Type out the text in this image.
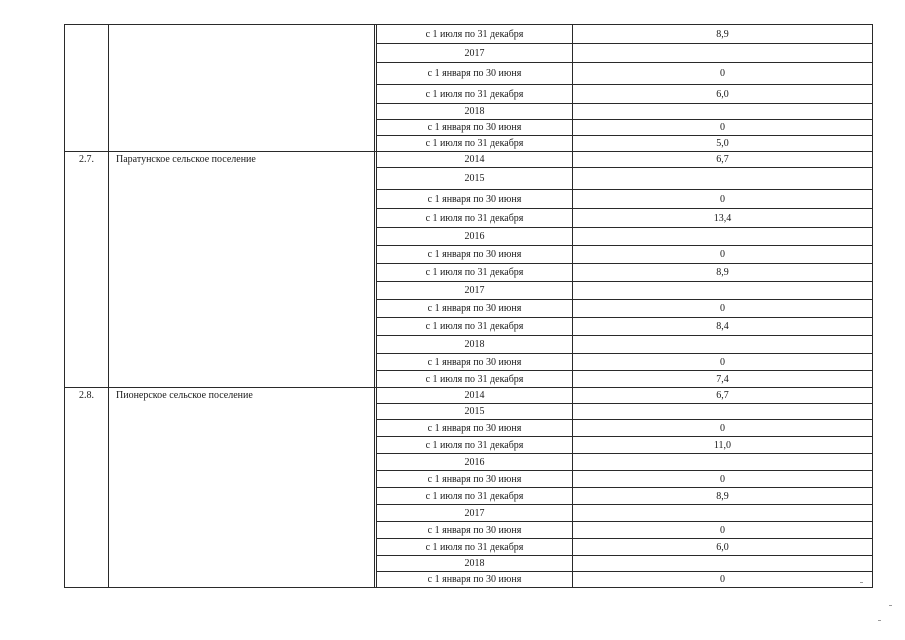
			с 1 июля по 31 декабря	8,9
			2017	
			с 1 января по 30 июня	0
			с 1 июля по 31 декабря	6,0
			2018	
			с 1 января по 30 июня	0
			с 1 июля по 31 декабря	5,0
2.7.	Паратунское сельское поселение		2014	6,7
			2015	
			с 1 января по 30 июня	0
			с 1 июля по 31 декабря	13,4
			2016	
			с 1 января по 30 июня	0
			с 1 июля по 31 декабря	8,9
			2017	
			с 1 января по 30 июня	0
			с 1 июля по 31 декабря	8,4
			2018	
			с 1 января по 30 июня	0
			с 1 июля по 31 декабря	7,4
2.8.	Пионерское сельское поселение		2014	6,7
			2015	
			с 1 января по 30 июня	0
			с 1 июля по 31 декабря	11,0
			2016	
			с 1 января по 30 июня	0
			с 1 июля по 31 декабря	8,9
			2017	
			с 1 января по 30 июня	0
			с 1 июля по 31 декабря	6,0
			2018	
			с 1 января по 30 июня	0
